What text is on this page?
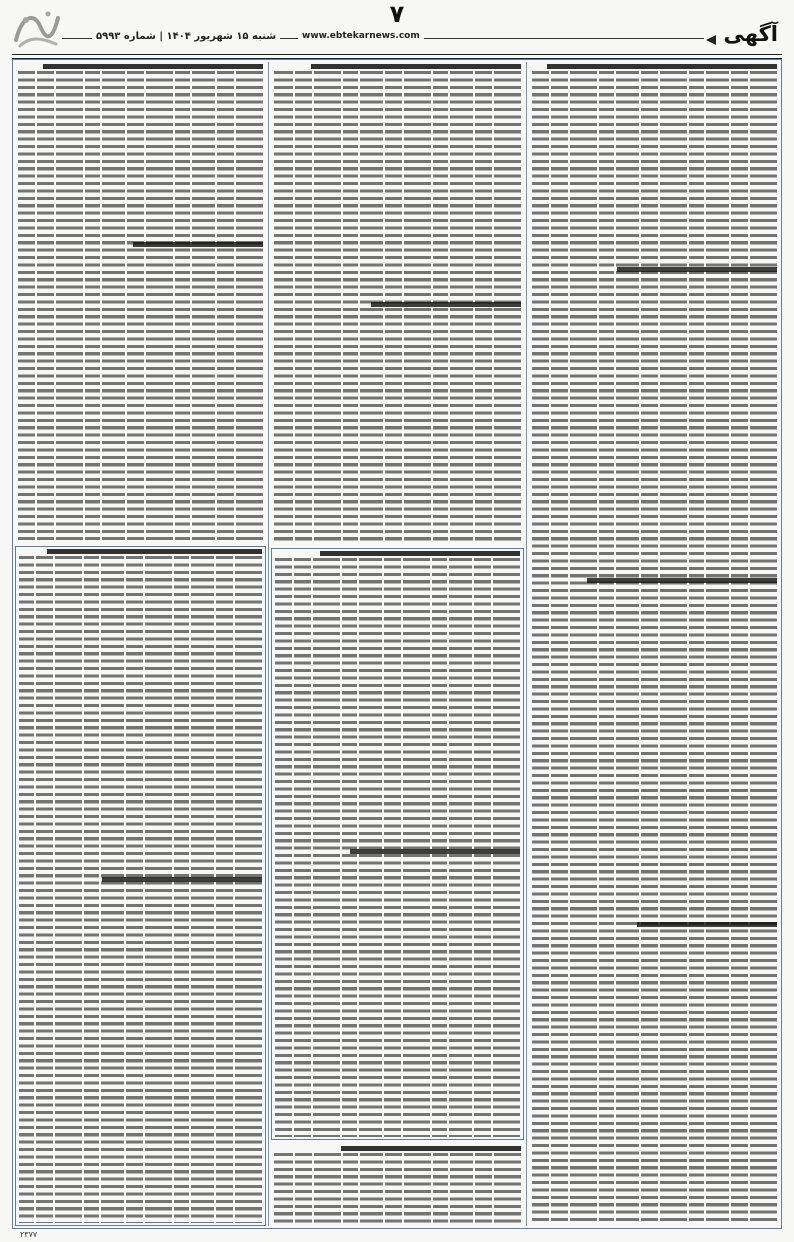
۷
شنبه ۱۵ شهریور ۱۴۰۴ | شماره ۵۹۹۳	www.ebtekarnews.com	آگهی
۲۳۷۷
